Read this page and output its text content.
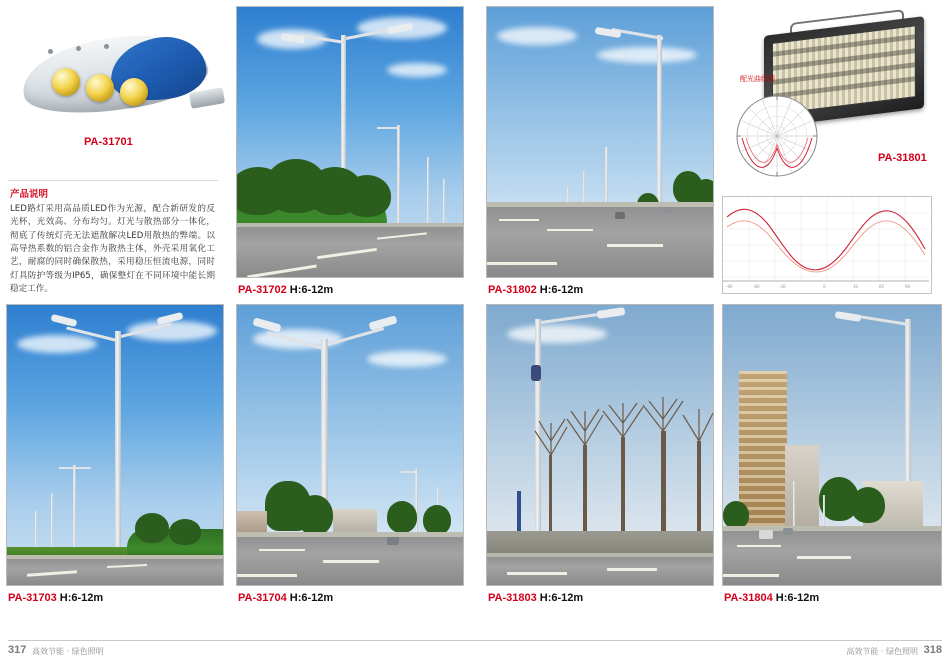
PA-31701

产品说明

LED路灯采用高品质LED作为光源，配合新研发的反光杯，光效高、分布均匀。灯光与散热部分一体化，彻底了传统灯壳无法遮散解决LED用散热的弊端。以高导热系数的铝合金作为散热主体，外壳采用氧化工艺，耐腐的同时确保散热，采用稳压恒流电源，同时灯具防护等级为IP65，确保整灯在不同环境中能长期稳定工作。	PA-31702 H:6-12m	PA-31802 H:6-12m
PA-31801
配光曲线图
-90	-60	-30	0	30	60	90
PA-31703 H:6-12m	PA-31704 H:6-12m	PA-31803 H:6-12m	PA-31804 H:6-12m
317 高效节能 · 绿色照明	高效节能 · 绿色照明 318
